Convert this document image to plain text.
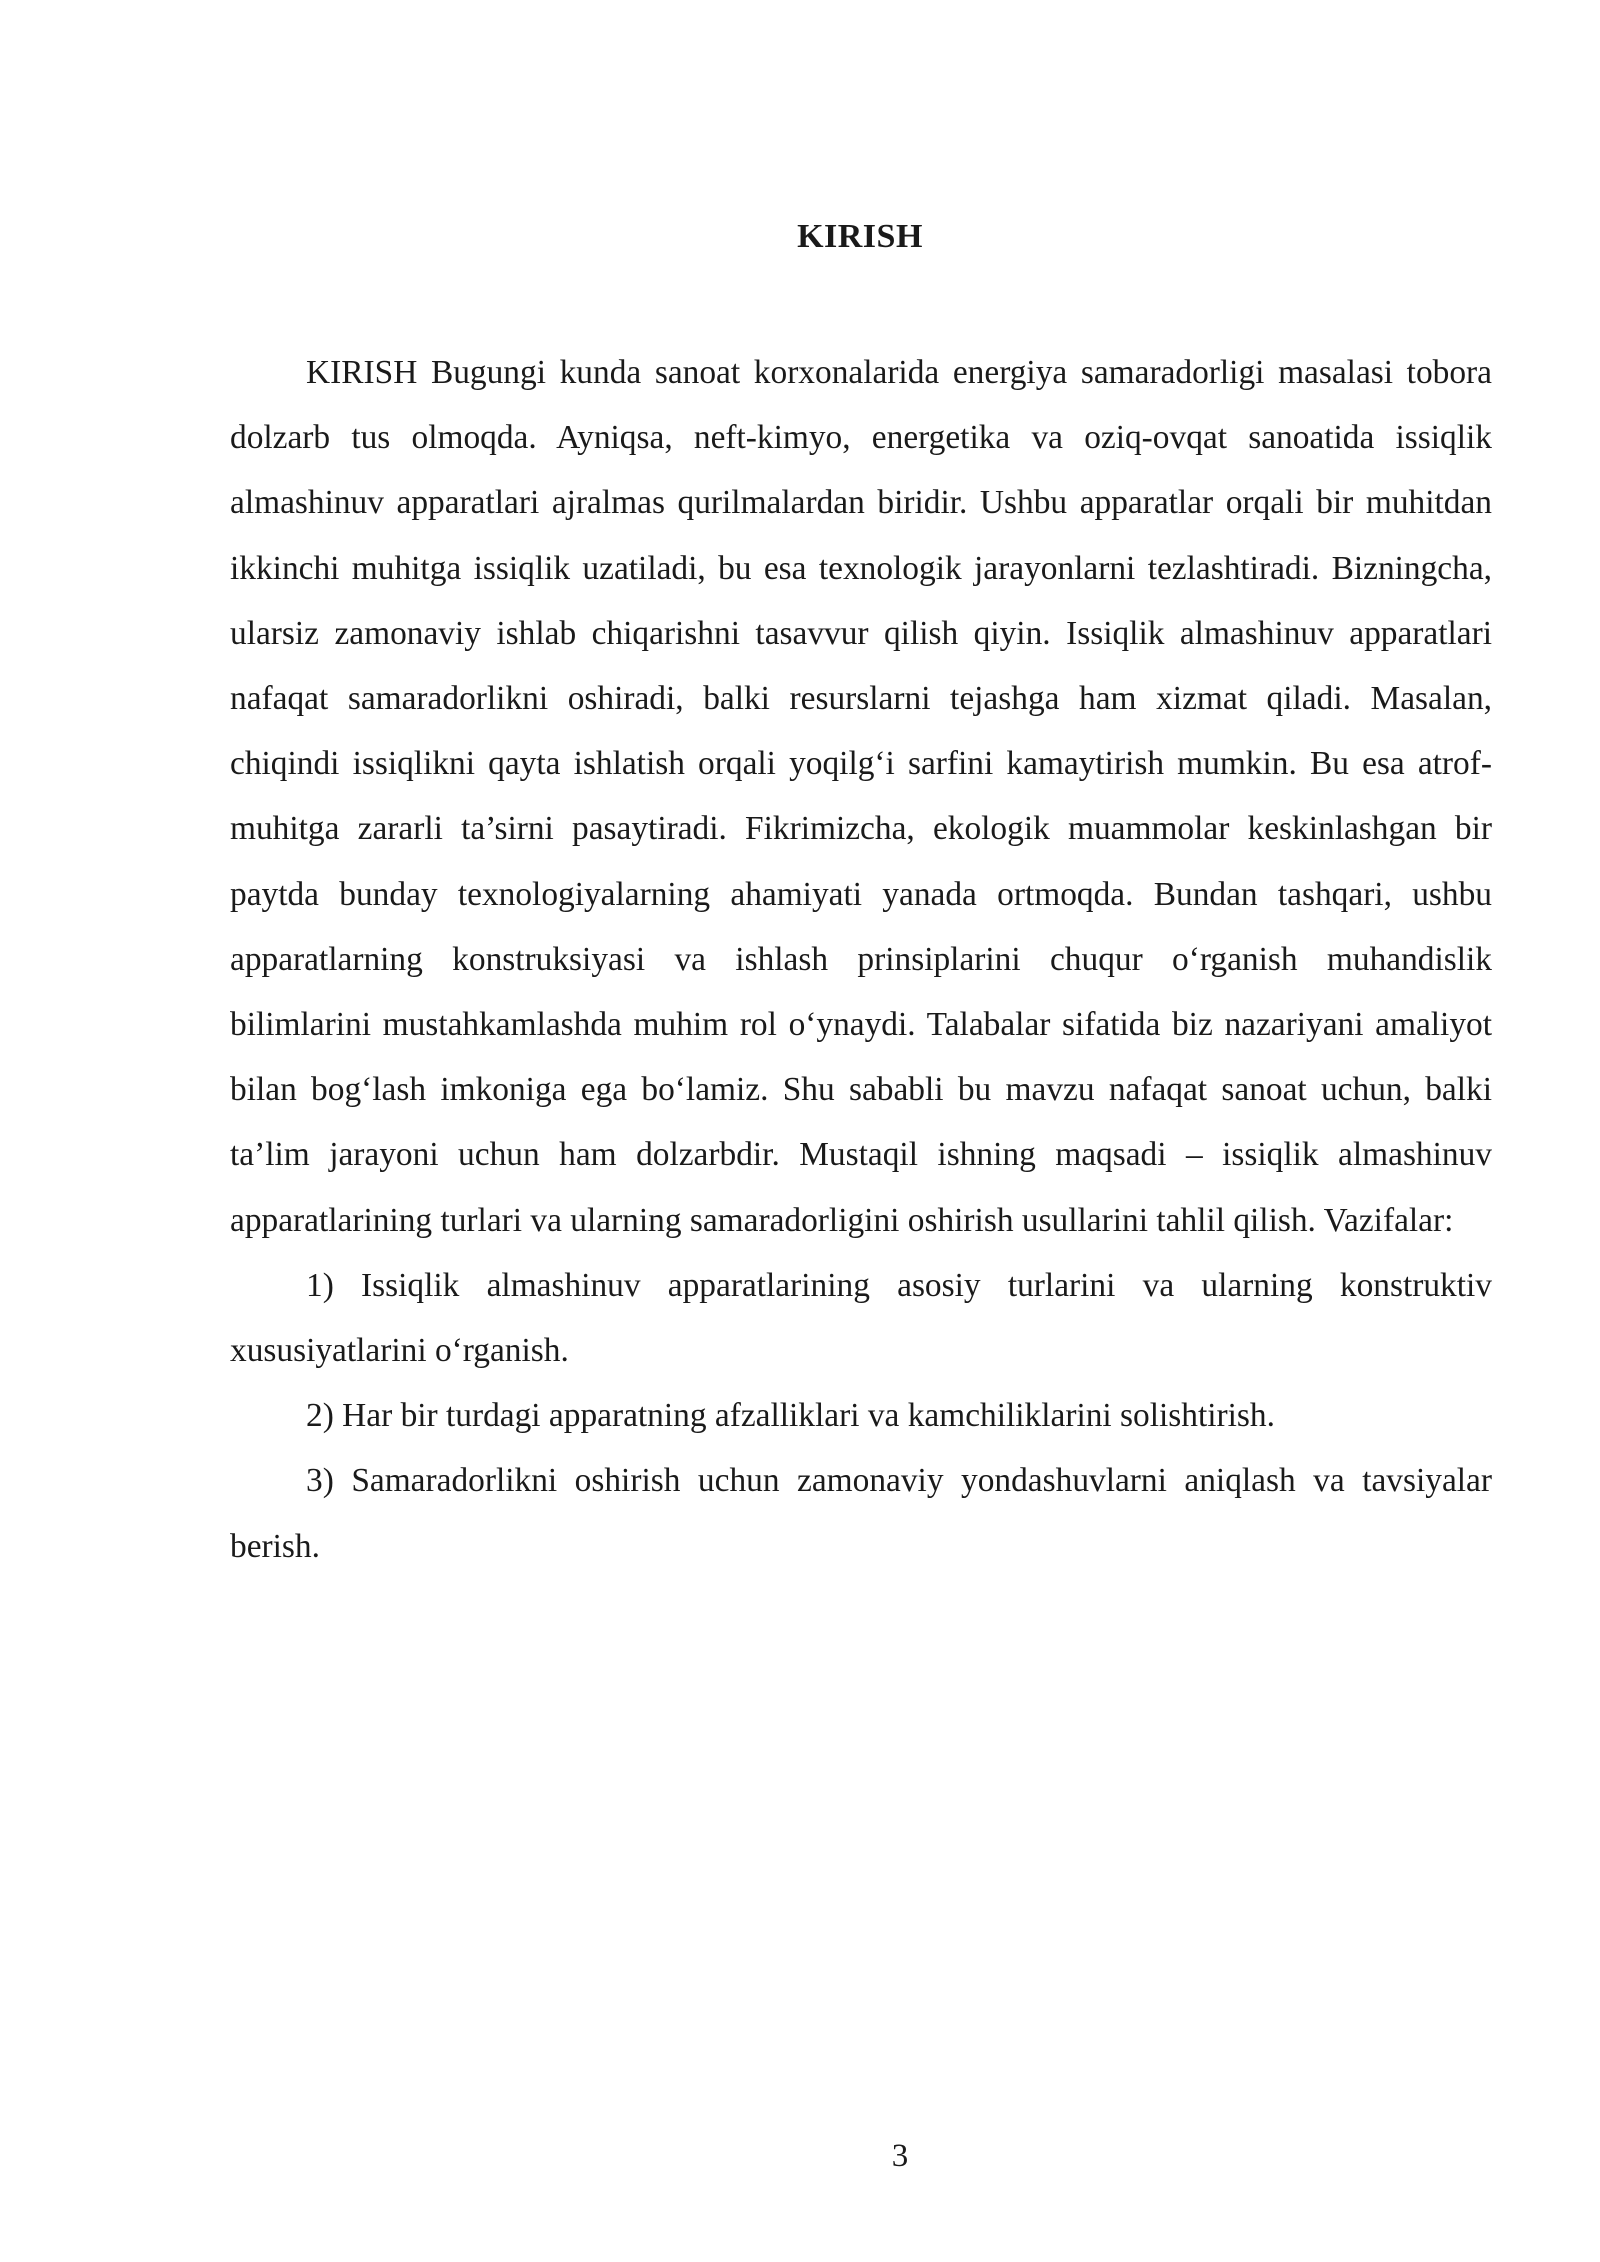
KIRISH

KIRISH Bugungi kunda sanoat korxonalarida energiya samaradorligi masalasi tobora dolzarb tus olmoqda. Ayniqsa, neft-kimyo, energetika va oziq-ovqat sanoatida issiqlik almashinuv apparatlari ajralmas qurilmalardan biridir. Ushbu apparatlar orqali bir muhitdan ikkinchi muhitga issiqlik uzatiladi, bu esa texnologik jarayonlarni tezlashtiradi. Bizningcha, ularsiz zamonaviy ishlab chiqarishni tasavvur qilish qiyin. Issiqlik almashinuv apparatlari nafaqat samaradorlikni oshiradi, balki resurslarni tejashga ham xizmat qiladi. Masalan, chiqindi issiqlikni qayta ishlatish orqali yoqilg‘i sarfini kamaytirish mumkin. Bu esa atrof-muhitga zararli ta’sirni pasaytiradi. Fikrimizcha, ekologik muammolar keskinlashgan bir paytda bunday texnologiyalarning ahamiyati yanada ortmoqda. Bundan tashqari, ushbu apparatlarning konstruksiyasi va ishlash prinsiplarini chuqur o‘rganish muhandislik bilimlarini mustahkamlashda muhim rol o‘ynaydi. Talabalar sifatida biz nazariyani amaliyot bilan bog‘lash imkoniga ega bo‘lamiz. Shu sababli bu mavzu nafaqat sanoat uchun, balki ta’lim jarayoni uchun ham dolzarbdir. Mustaqil ishning maqsadi – issiqlik almashinuv apparatlarining turlari va ularning samaradorligini oshirish usullarini tahlil qilish. Vazifalar:

1) Issiqlik almashinuv apparatlarining asosiy turlarini va ularning konstruktiv xususiyatlarini o‘rganish.

2) Har bir turdagi apparatning afzalliklari va kamchiliklarini solishtirish.

3) Samaradorlikni oshirish uchun zamonaviy yondashuvlarni aniqlash va tavsiyalar berish.

3
